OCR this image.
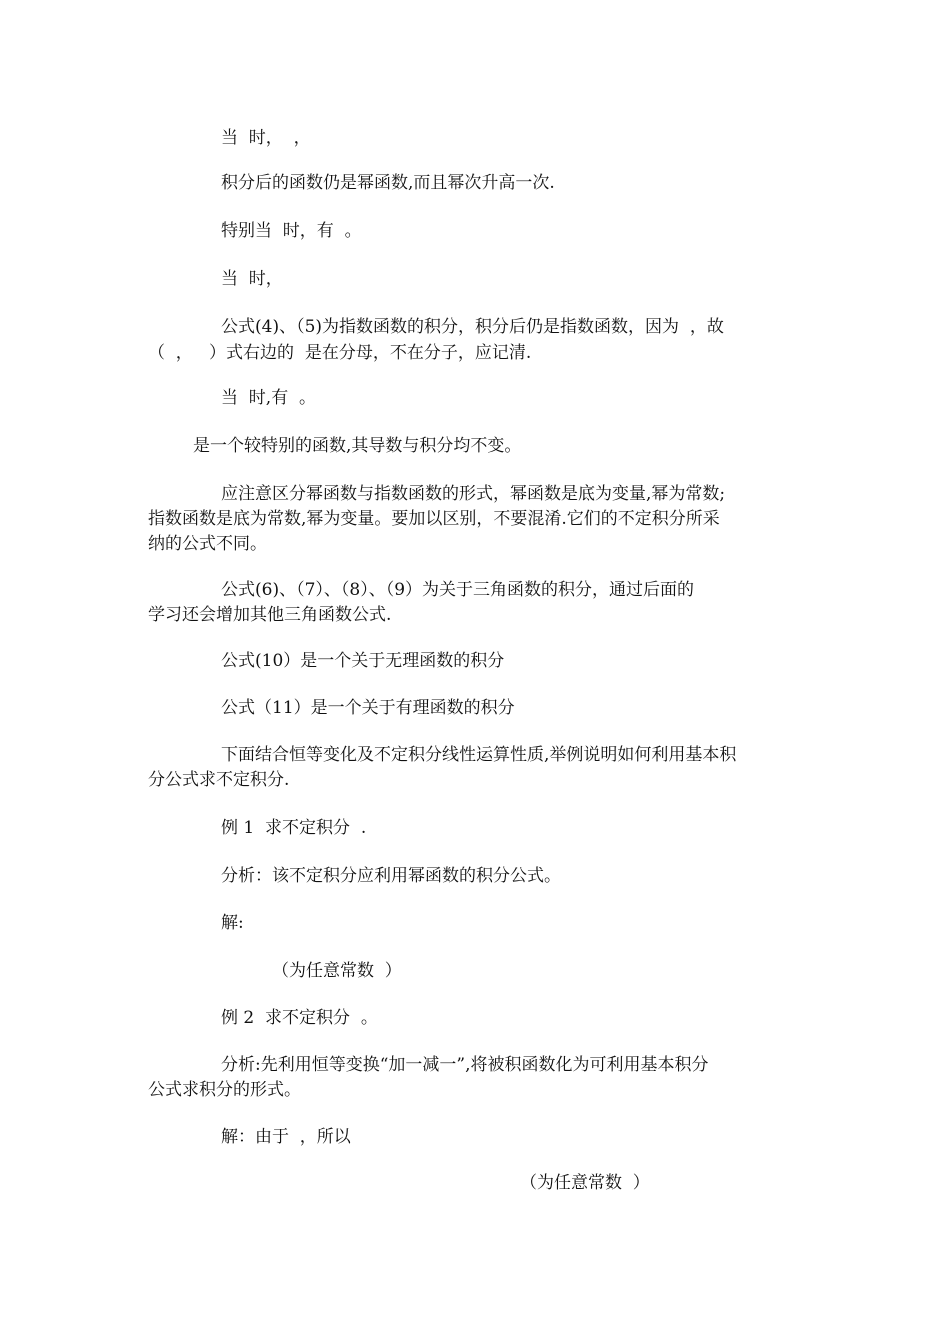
当  时，  ，
积分后的函数仍是幂函数,而且幂次升高一次.
特别当  时，有  。
当  时，
公式(4)、（5)为指数函数的积分，积分后仍是指数函数，因为  ，故
（  ，   ）式右边的  是在分母，不在分子，应记清.
当  时,有  。
是一个较特别的函数,其导数与积分均不变。
应注意区分幂函数与指数函数的形式，幂函数是底为变量,幂为常数;
指数函数是底为常数,幂为变量。要加以区别，不要混淆.它们的不定积分所采
纳的公式不同。
公式(6)、（7）、（8）、（9）为关于三角函数的积分，通过后面的
学习还会增加其他三角函数公式.
公式(10）是一个关于无理函数的积分
公式（11）是一个关于有理函数的积分
下面结合恒等变化及不定积分线性运算性质,举例说明如何利用基本积
分公式求不定积分.
例 1  求不定积分  .
分析：该不定积分应利用幂函数的积分公式。
解:
（为任意常数  ）
例 2  求不定积分  。
分析:先利用恒等变换“加一减一”,将被积函数化为可利用基本积分
公式求积分的形式。
解：由于  ，所以
（为任意常数  ）
